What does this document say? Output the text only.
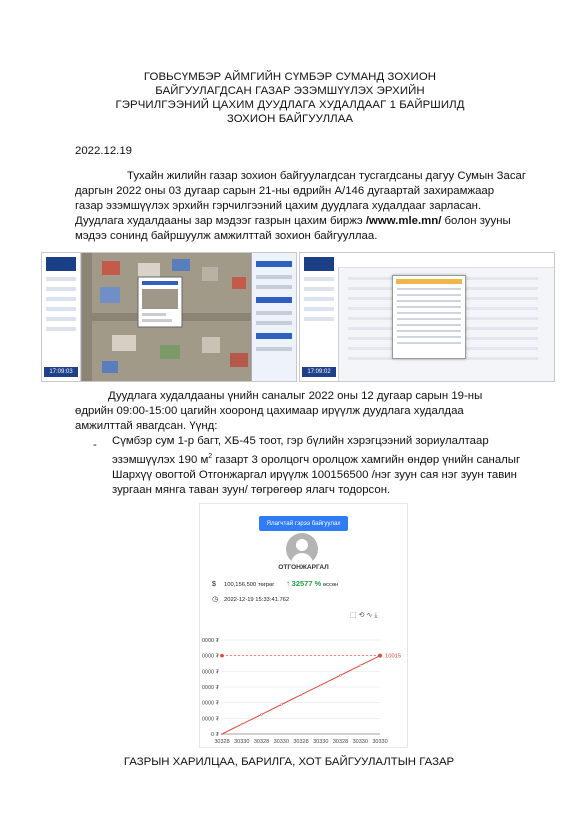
ГОВЬСҮМБЭР АЙМГИЙН СҮМБЭР СУМАНД ЗОХИОН
БАЙГУУЛАГДСАН ГАЗАР ЭЗЭМШҮҮЛЭХ ЭРХИЙН
ГЭРЧИЛГЭЭНИЙ ЦАХИМ ДУУДЛАГА ХУДАЛДААГ 1 БАЙРШИЛД
ЗОХИОН БАЙГУУЛЛАА
2022.12.19
Тухайн жилийн газар зохион байгуулагдсан тусгагдсаны дагуу Сумын Засаг
даргын 2022 оны 03 дугаар сарын 21-ны өдрийн А/146 дугаартай захирамжаар
газар эзэмшүүлэх эрхийн гэрчилгээний цахим дуудлага худалдааг зарласан.
Дуудлага худалдааны зар мэдээг газрын цахим биржэ /www.mle.mn/ болон зууны
мэдээ сонинд байршуулж амжилттай зохион байгууллаа.
17:09:03	17:09:02
Дуудлага худалдааны үнийн саналыг 2022 оны 12 дугаар сарын 19-ны
өдрийн 09:00-15:00 цагийн хооронд цахимаар ирүүлж дуудлага худалдаа
амжилттай явагдсан. Үүнд:
- Сүмбэр сум 1-р багт, ХБ-45 тоот, гэр бүлийн хэрэгцээний зориулалтаар
эзэмшүүлэх 190 $м^2$ газарт 3 оролцогч оролцож хамгийн өндөр үнийн саналыг
Шархүү овогтой Отгонжаргал ирүүлж 100156500 /нэг зуун сая нэг зуун тавин
зургаан мянга таван зуун/ төгрөгөөр ялагч тодорсон.
Ялагчтай гэрээ байгуулах
ОТГОНЖАРГАЛ
$ 100,156,500 төгрөг ↑ 32577 % өссөн
◷ 2022-12-19 15:33:41.762
⬚⟲∿⤓
0 ₮
0000 ₮
0000 ₮
0000 ₮
0000 ₮
0000 ₮
0000 ₮
30328 30330 30328 30330 30328 30330 30328 30330 30330
10015
ГАЗРЫН ХАРИЛЦАА, БАРИЛГА, ХОТ БАЙГУУЛАЛТЫН ГАЗАР
